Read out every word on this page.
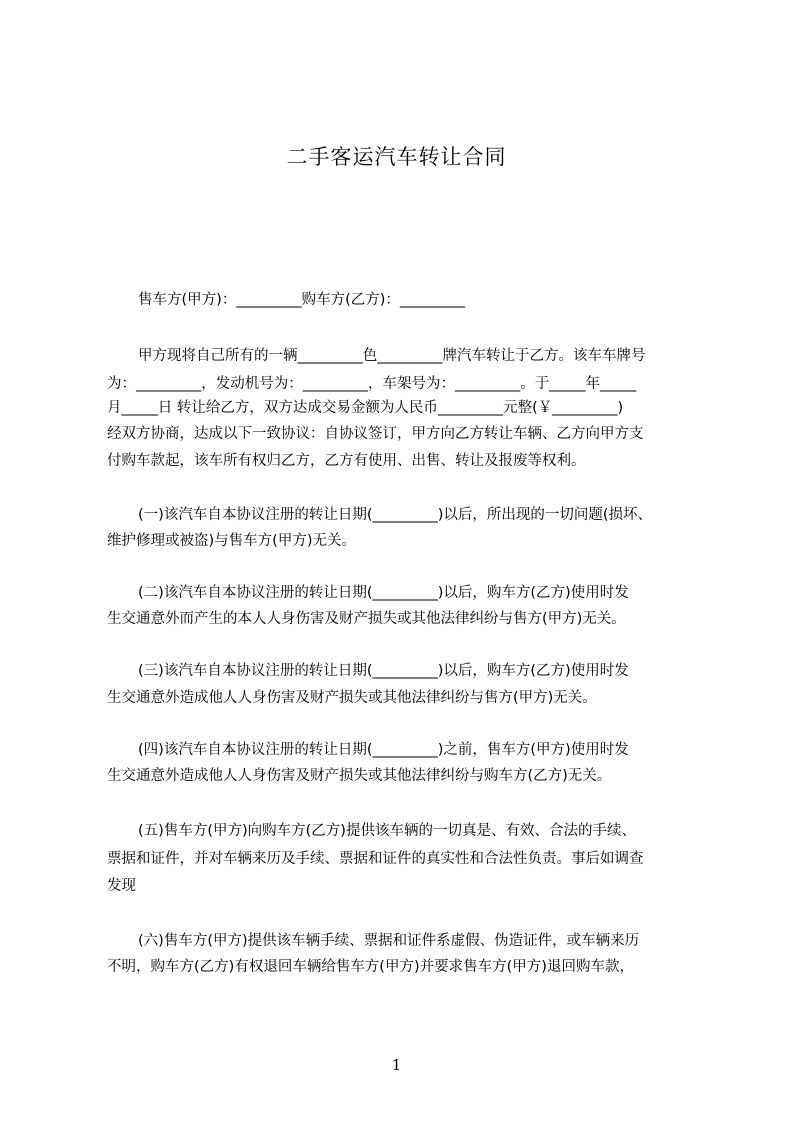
二手客运汽车转让合同
售车方(甲方)：_________购车方(乙方)：_________
甲方现将自己所有的一辆_________色_________牌汽车转让于乙方。该车车牌号
为：_________，发动机号为：_________，车架号为：_________。于_____年_____
月_____日 转让给乙方，双方达成交易金额为人民币_________元整(￥_________)
经双方协商，达成以下一致协议：自协议签订，甲方向乙方转让车辆、乙方向甲方支
付购车款起，该车所有权归乙方，乙方有使用、出售、转让及报废等权利。
(一)该汽车自本协议注册的转让日期(_________)以后，所出现的一切问题(损坏、
维护修理或被盗)与售车方(甲方)无关。
(二)该汽车自本协议注册的转让日期(_________)以后，购车方(乙方)使用时发
生交通意外而产生的本人人身伤害及财产损失或其他法律纠纷与售方(甲方)无关。
(三)该汽车自本协议注册的转让日期(_________)以后，购车方(乙方)使用时发
生交通意外造成他人人身伤害及财产损失或其他法律纠纷与售方(甲方)无关。
(四)该汽车自本协议注册的转让日期(_________)之前，售车方(甲方)使用时发
生交通意外造成他人人身伤害及财产损失或其他法律纠纷与购车方(乙方)无关。
(五)售车方(甲方)向购车方(乙方)提供该车辆的一切真是、有效、合法的手续、
票据和证件，并对车辆来历及手续、票据和证件的真实性和合法性负责。事后如调查
发现
(六)售车方(甲方)提供该车辆手续、票据和证件系虚假、伪造证件，或车辆来历
不明，购车方(乙方)有权退回车辆给售车方(甲方)并要求售车方(甲方)退回购车款，
1
